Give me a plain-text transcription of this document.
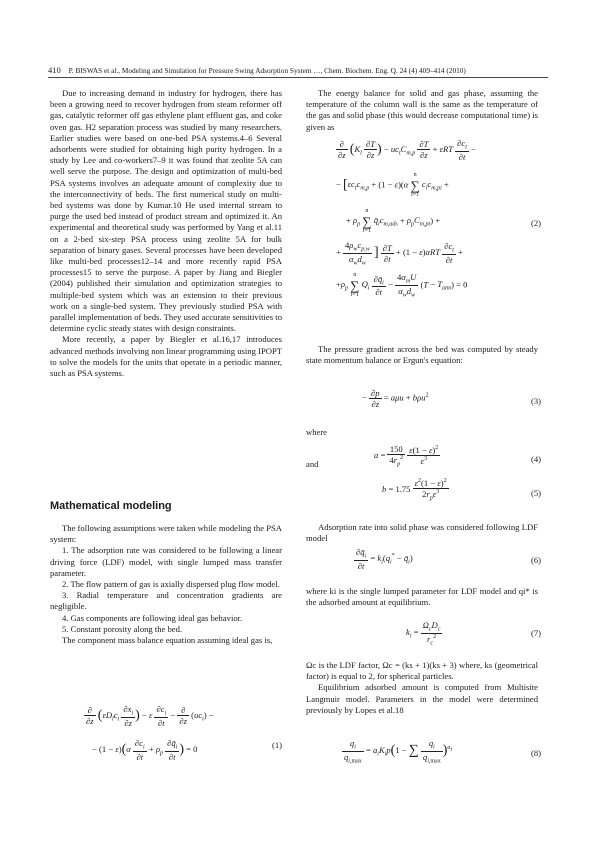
410 P. BISWAS et al., Modeling and Simulation for Pressure Swing Adsorption System …, Chem. Biochem. Eng. Q. 24 (4) 409–414 (2010)

Due to increasing demand in industry for hydrogen, there has been a growing need to recover hydrogen from steam reformer off gas, catalytic reformer off gas ethylene plant effluent gas, and coke oven gas. H2 separation process was studied by many researchers. Earlier studies were based on one-bed PSA systems.4–6 Several adsorbents were studied for obtaining high purity hydrogen. In a study by Lee and co-workers7–9 it was found that zeolite 5A can well serve the purpose. The design and optimization of multi-bed PSA systems involves an adequate amount of complexity due to the interconnectivity of beds. The first numerical study on multi-bed systems was done by Kumar.10 He used internal stream to purge the used bed instead of product stream and optimized it. An experimental and theoretical study was performed by Yang et al.11 on a 2-bed six-step PSA process using zeolite 5A for bulk separation of binary gases. Several processes have been developed like multi-bed processes12–14 and more recently rapid PSA processes15 to serve the purpose. A paper by Jiang and Biegler (2004) published their simulation and optimization strategies to multiple-bed system which was an extension to their previous work on a single-bed system. They previously studied PSA with parallel implementation of beds. They used accurate sensitivities to determine cyclic steady states with design constraints.

More recently, a paper by Biegler et al.16,17 introduces advanced methods involving non linear programming using IPOPT to solve the models for the units that operate in a periodic manner, such as PSA systems.

Mathematical modeling

The following assumptions were taken while modeling the PSA system:

1. The adsorption rate was considered to be following a linear driving force (LDF) model, with single lumped mass transfer parameter.

2. The flow pattern of gas is axially dispersed plug flow model.

3. Radial temperature and concentration gradients are negligible.

4. Gas components are following ideal gas behavior.

5. Constant porosity along the bed.

The component mass balance equation assuming ideal gas is,

$\frac{\partial}{\partial z} (\varepsilon D_lc_t \frac{\partial x_i}{\partial z}$ ) − ε $\frac{\partial c_i}{\partial t} - \frac{\partial}{\partial z} (uc_i)$ −
− $(1 - \varepsilon)(\alpha \frac{\partial c_i}{\partial t} + \rho_p \frac{\partial q̄_i}{\partial t}$ ) = 0	(1)

The energy balance for solid and gas phase, assuming the temperature of the column wall is the same as the temperature of the gas and solid phase (this would decrease computational time) is given as

$\frac{\partial}{\partial z} (K_l \frac{\partial T}{\partial z}$ ) − $uc_tC_{m,p} \frac{\partial T}{\partial z} + \varepsilon RT \frac{\partial c_t}{\partial t}$ −
− [$\varepsilon c_tc_{m,p} + (1 - \varepsilon)(\alpha$ n
∑
i=1 $c_ic_{m,pi}$ +
+ $\rho_p$ n
∑
i=1 $q̄_ic_{m,ads} + \rho_pC_{m,pt}$) +	(2)
+ $\frac{4\rho_wc_{p,w}}{\alpha_wd_w}$ ] $\frac{\partial T}{\partial t} + (1 - \varepsilon)\alpha RT \frac{\partial c_t}{\partial t}$ +
$+\rho_p$ n
∑
i=1 $Q_i \frac{\partial q̄_i}{\partial t} - \frac{4\alpha_mU}{\alpha_wd_w} (T - T_{atm}) = 0$

The pressure gradient across the bed was computed by steady state momentum balance or Ergun's equation:

− $\frac{\partial p}{\partial z} = a\mu u + b\rho u^2$
(3)
where
$a = \frac{150}{4r_p^2}$
$\frac{\varepsilon(1 - \varepsilon)^2}{\varepsilon^3}$	(4)
and
$b = 1.75 \frac{\varepsilon^2(1 - \varepsilon)^2}{2r_p\varepsilon^3}$	(5)

Adsorption rate into solid phase was considered following LDF model

$\frac{\partial q̄_i}{\partial t} = k_i(q_i^*$ − $q̄_i$)	(6)

where ki is the single lumped parameter for LDF model and qi* is the adsorbed amount at equilibrium.

$k_i = \frac{\Omega_cD_c}{r_c^2}$	(7)

Ωc is the LDF factor, Ωc = (ks + 1)(ks + 3) where, ks (geometrical factor) is equal to 2, for spherical particles.

Equilibrium adsorbed amount is computed from Multisite Langmuir model. Parameters in the model were determined previously by Lopes et al.18

$\frac{q_i}{q_{i,max}} = a_iK_ip(1$ − ∑ $\frac{q_i}{q_{i,max}} )^{a_i}$	(8)
